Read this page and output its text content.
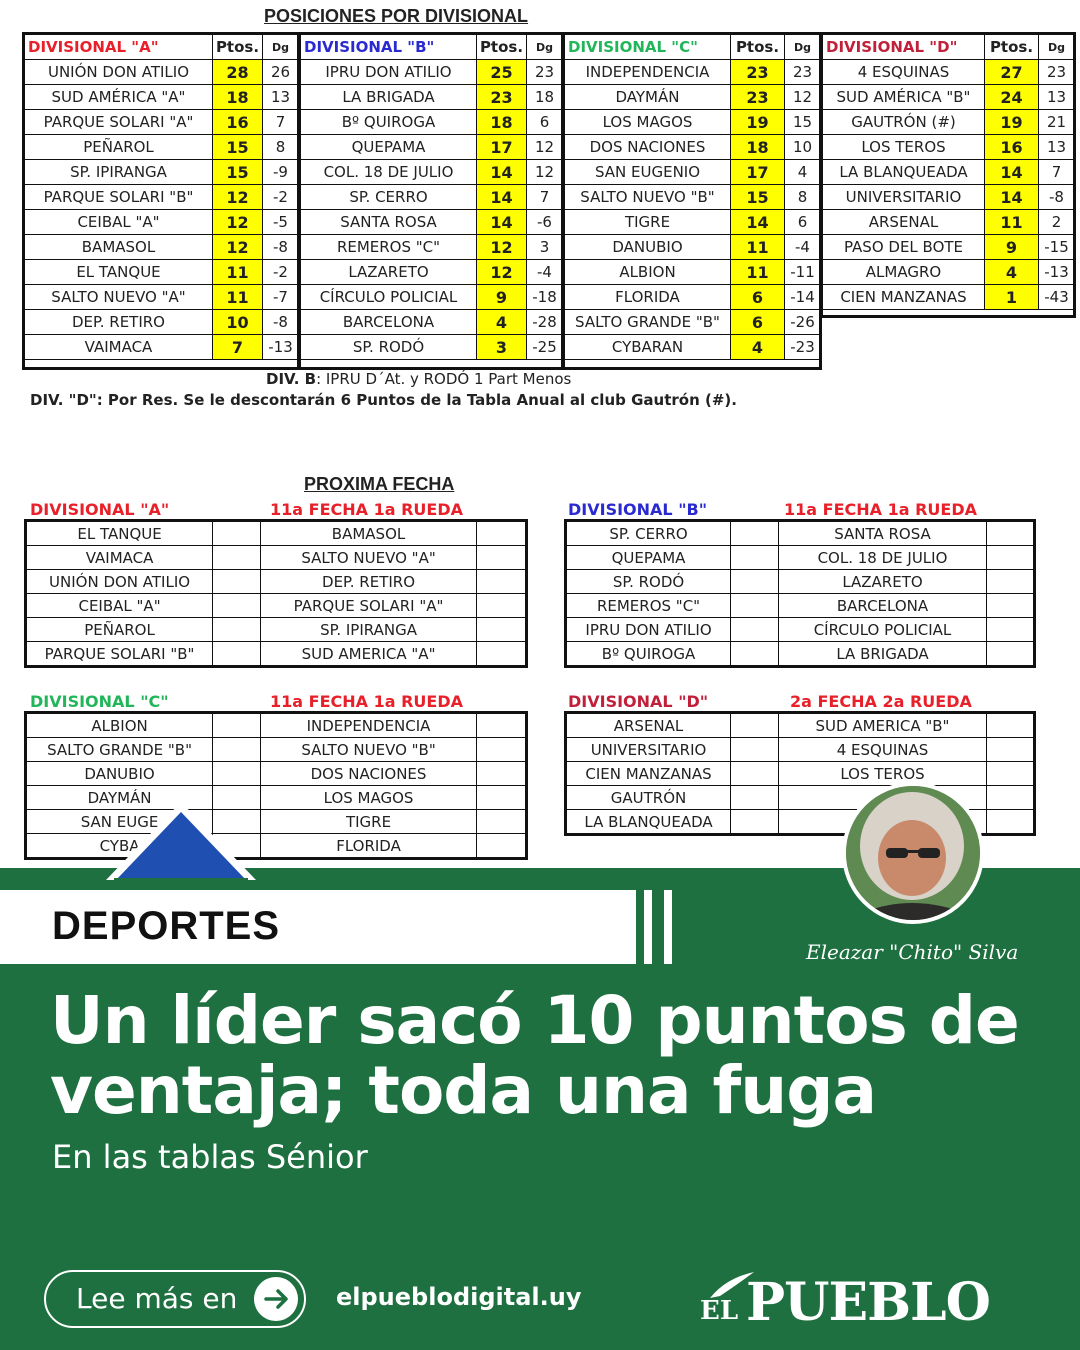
POSICIONES POR DIVISIONAL
DIVISIONAL "A"	Ptos.	Dg
UNIÓN DON ATILIO	28	26
SUD AMÉRICA "A"	18	13
PARQUE SOLARI "A"	16	7
PEÑAROL	15	8
SP. IPIRANGA	15	-9
PARQUE SOLARI "B"	12	-2
CEIBAL "A"	12	-5
BAMASOL	12	-8
EL TANQUE	11	-2
SALTO NUEVO "A"	11	-7
DEP. RETIRO	10	-8
VAIMACA	7	-13
DIVISIONAL "B"	Ptos.	Dg
IPRU DON ATILIO	25	23
LA BRIGADA	23	18
Bº QUIROGA	18	6
QUEPAMA	17	12
COL. 18 DE JULIO	14	12
SP. CERRO	14	7
SANTA ROSA	14	-6
REMEROS "C"	12	3
LAZARETO	12	-4
CÍRCULO POLICIAL	9	-18
BARCELONA	4	-28
SP. RODÓ	3	-25
DIVISIONAL "C"	Ptos.	Dg
INDEPENDENCIA	23	23
DAYMÁN	23	12
LOS MAGOS	19	15
DOS NACIONES	18	10
SAN EUGENIO	17	4
SALTO NUEVO "B"	15	8
TIGRE	14	6
DANUBIO	11	-4
ALBION	11	-11
FLORIDA	6	-14
SALTO GRANDE "B"	6	-26
CYBARAN	4	-23
DIVISIONAL "D"	Ptos.	Dg
4 ESQUINAS	27	23
SUD AMÉRICA "B"	24	13
GAUTRÓN (#)	19	21
LOS TEROS	16	13
LA BLANQUEADA	14	7
UNIVERSITARIO	14	-8
ARSENAL	11	2
PASO DEL BOTE	9	-15
ALMAGRO	4	-13
CIEN MANZANAS	1	-43
DIV. B: IPRU D´At. y RODÓ 1 Part Menos
DIV. "D": Por Res. Se le descontarán 6 Puntos de la Tabla Anual al club Gautrón (#).
PROXIMA FECHA
DIVISIONAL "A"	11a FECHA 1a RUEDA
EL TANQUE		BAMASOL	
VAIMACA		SALTO NUEVO "A"	
UNIÓN DON ATILIO		DEP. RETIRO	
CEIBAL "A"		PARQUE SOLARI "A"	
PEÑAROL		SP. IPIRANGA	
PARQUE SOLARI "B"		SUD AMERICA "A"	
DIVISIONAL "B"	11a FECHA 1a RUEDA
SP. CERRO		SANTA ROSA	
QUEPAMA		COL. 18 DE JULIO	
SP. RODÓ		LAZARETO	
REMEROS "C"		BARCELONA	
IPRU DON ATILIO		CÍRCULO POLICIAL	
Bº QUIROGA		LA BRIGADA	
DIVISIONAL "C"	11a FECHA 1a RUEDA
ALBION		INDEPENDENCIA	
SALTO GRANDE "B"		SALTO NUEVO "B"	
DANUBIO		DOS NACIONES	
DAYMÁN		LOS MAGOS	
SAN EUGE		TIGRE	
CYBA		FLORIDA	
DIVISIONAL "D"	2a FECHA 2a RUEDA
ARSENAL		SUD AMERICA "B"	
UNIVERSITARIO		4 ESQUINAS	
CIEN MANZANAS		LOS TEROS	
GAUTRÓN			
LA BLANQUEADA			
DEPORTES
Eleazar "Chito" Silva
Un líder sacó 10 puntos de ventaja; toda una fuga
En las tablas Sénior
Lee más en	elpueblodigital.uy	EL PUEBLO
